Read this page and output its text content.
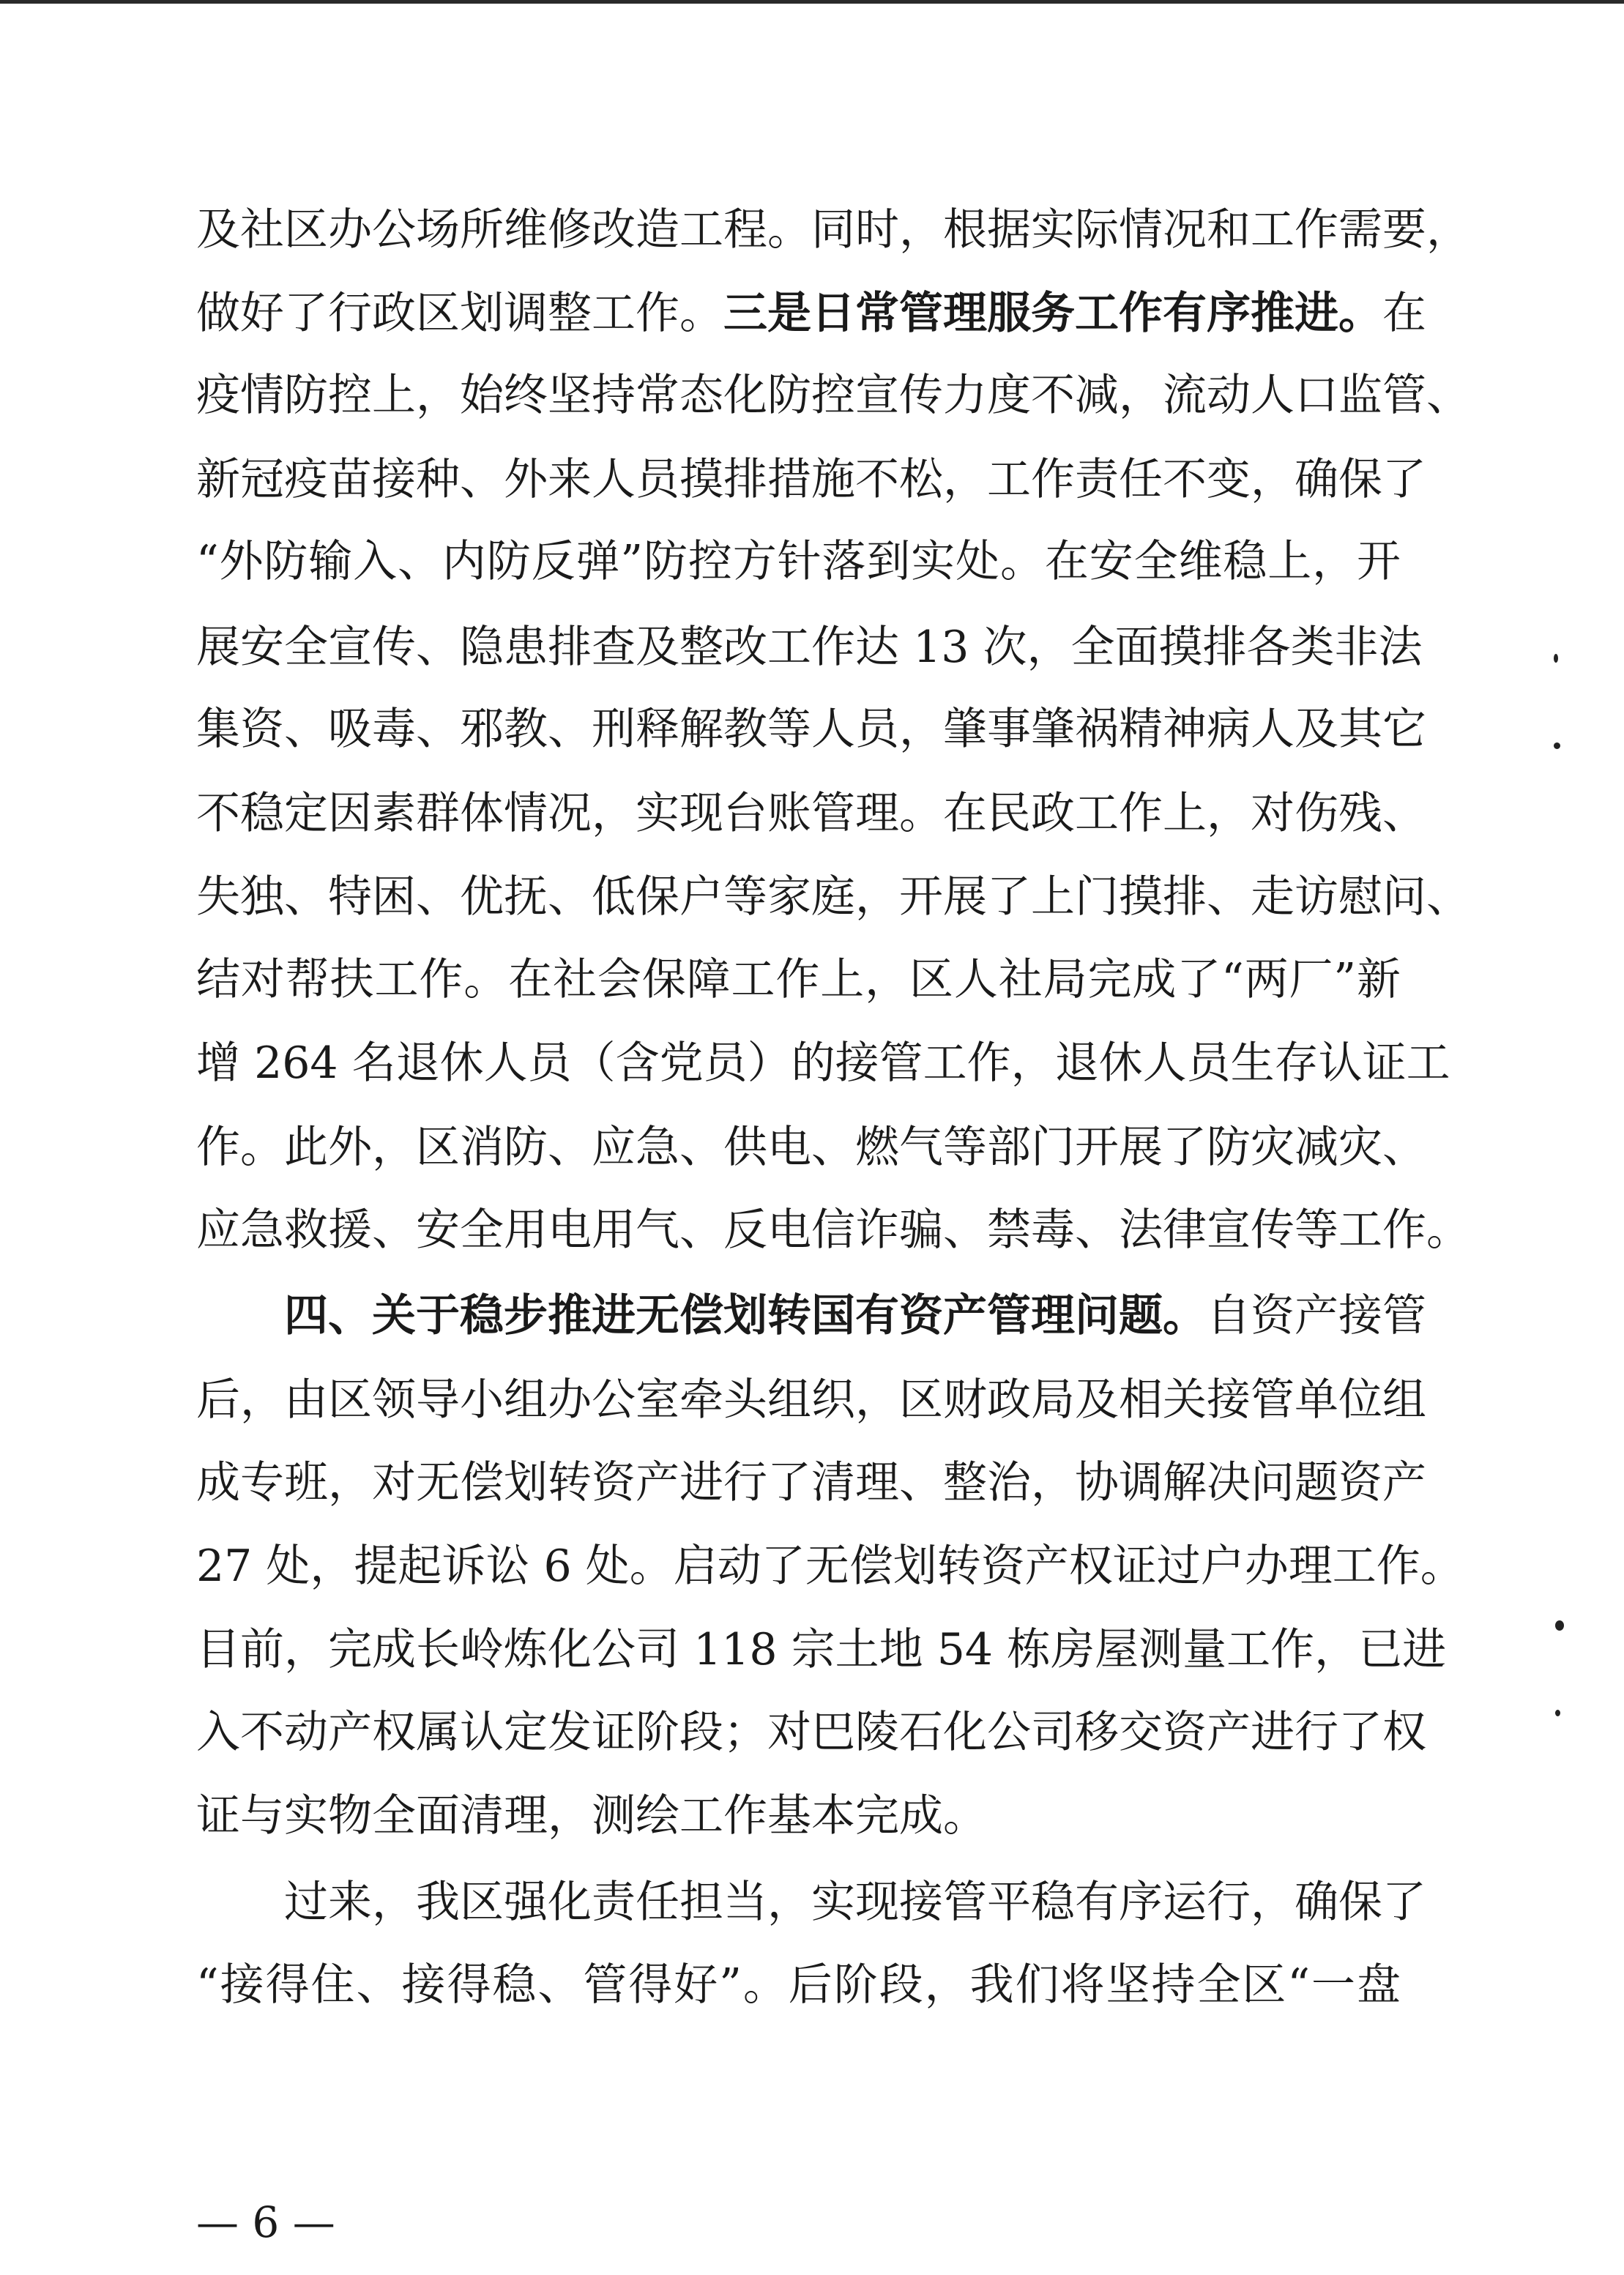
及社区办公场所维修改造工程。同时，根据实际情况和工作需要，
做好了行政区划调整工作。三是日常管理服务工作有序推进。在
疫情防控上，始终坚持常态化防控宣传力度不减，流动人口监管、
新冠疫苗接种、外来人员摸排措施不松，工作责任不变，确保了
“外防输入、内防反弹”防控方针落到实处。在安全维稳上，开
展安全宣传、隐患排查及整改工作达 13 次，全面摸排各类非法
集资、吸毒、邪教、刑释解教等人员，肇事肇祸精神病人及其它
不稳定因素群体情况，实现台账管理。在民政工作上，对伤残、
失独、特困、优抚、低保户等家庭，开展了上门摸排、走访慰问、
结对帮扶工作。在社会保障工作上，区人社局完成了“两厂”新
增 264 名退休人员（含党员）的接管工作，退休人员生存认证工
作。此外，区消防、应急、供电、燃气等部门开展了防灾减灾、
应急救援、安全用电用气、反电信诈骗、禁毒、法律宣传等工作。
四、关于稳步推进无偿划转国有资产管理问题。自资产接管
后，由区领导小组办公室牵头组织，区财政局及相关接管单位组
成专班，对无偿划转资产进行了清理、整治，协调解决问题资产
27 处，提起诉讼 6 处。启动了无偿划转资产权证过户办理工作。
目前，完成长岭炼化公司 118 宗土地 54 栋房屋测量工作，已进
入不动产权属认定发证阶段；对巴陵石化公司移交资产进行了权
证与实物全面清理，测绘工作基本完成。
过来，我区强化责任担当，实现接管平稳有序运行，确保了
“接得住、接得稳、管得好”。后阶段，我们将坚持全区“一盘
— 6 —
